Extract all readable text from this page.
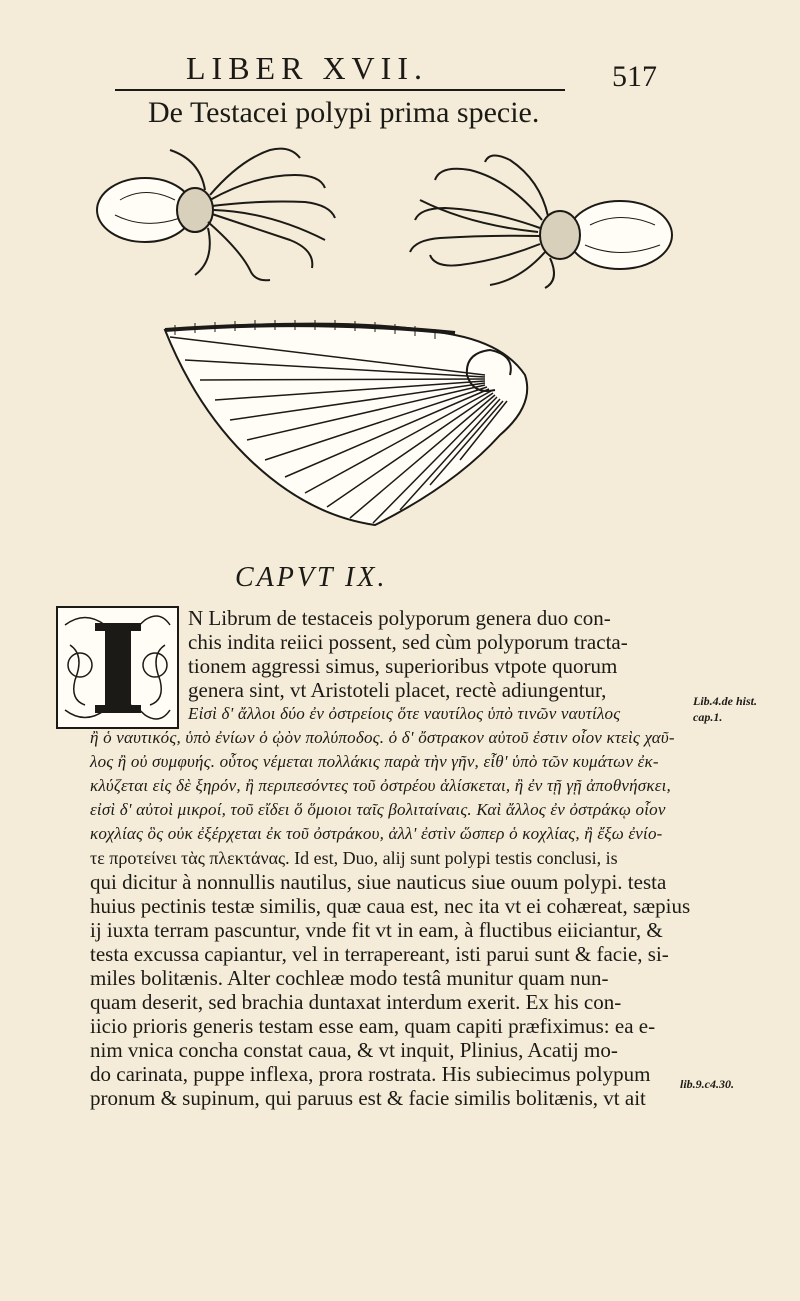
LIBER XVII.	517
De Testacei polypi prima specie.
CAPVT IX.
N Librum de testaceis polyporum genera duo con-
chis indita reiici possent, sed cùm polyporum tracta-
tionem aggressi simus, superioribus vtpote quorum
genera sint, vt Aristoteli placet, rectè adiungentur,
Εἰσὶ δ' ἄλλοι δύο ἐν ὀστρείοις ὅτε ναυτίλος ὑπὸ τινῶν ναυτίλος
ἢ ὁ ναυτικός, ὑπὸ ἐνίων ὁ ᾠὸν πολύποδος. ὁ δ' ὄστρακον αὐτοῦ ἐστιν οἷον κτεὶς χαῦ-
λος ἢ οὐ συμφυής. οὗτος νέμεται πολλάκις παρὰ τὴν γῆν, εἶθ' ὑπὸ τῶν κυμάτων ἐκ-
κλύζεται εἰς δὲ ξηρόν, ἢ περιπεσόντες τοῦ ὀστρέου ἁλίσκεται, ἢ ἐν τῇ γῇ ἀποθνήσκει,
εἰσὶ δ' αὐτοὶ μικροί, τοῦ εἴδει ὅ ὅμοιοι ταῖς βολιταίναις. Καὶ ἄλλος ἐν ὀστράκῳ οἷον
κοχλίας ὃς οὐκ ἐξέρχεται ἐκ τοῦ ὀστράκου, ἀλλ' ἐστὶν ὥσπερ ὁ κοχλίας, ἢ ἔξω ἐνίο-
τε προτείνει τὰς πλεκτάνας. Id est, Duo, alij sunt polypi testis conclusi, is
qui dicitur à nonnullis nautilus, siue nauticus siue ouum polypi. testa
huius pectinis testæ similis, quæ caua est, nec ita vt ei cohæreat, sæpius
ij iuxta terram pascuntur, vnde fit vt in eam, à fluctibus eiiciantur, &
testa excussa capiantur, vel in terrapereant, isti parui sunt & facie, si-
miles bolitænis. Alter cochleæ modo testâ munitur quam nun-
quam deserit, sed brachia duntaxat interdum exerit. Ex his con-
iicio prioris generis testam esse eam, quam capiti præfiximus: ea e-
nim vnica concha constat caua, & vt inquit, Plinius, Acatij mo-
do carinata, puppe inflexa, prora rostrata. His subiecimus polypum
pronum & supinum, qui paruus est & facie similis bolitænis, vt ait
Lib.4.de hist.
cap.1.
lib.9.c4.30.
